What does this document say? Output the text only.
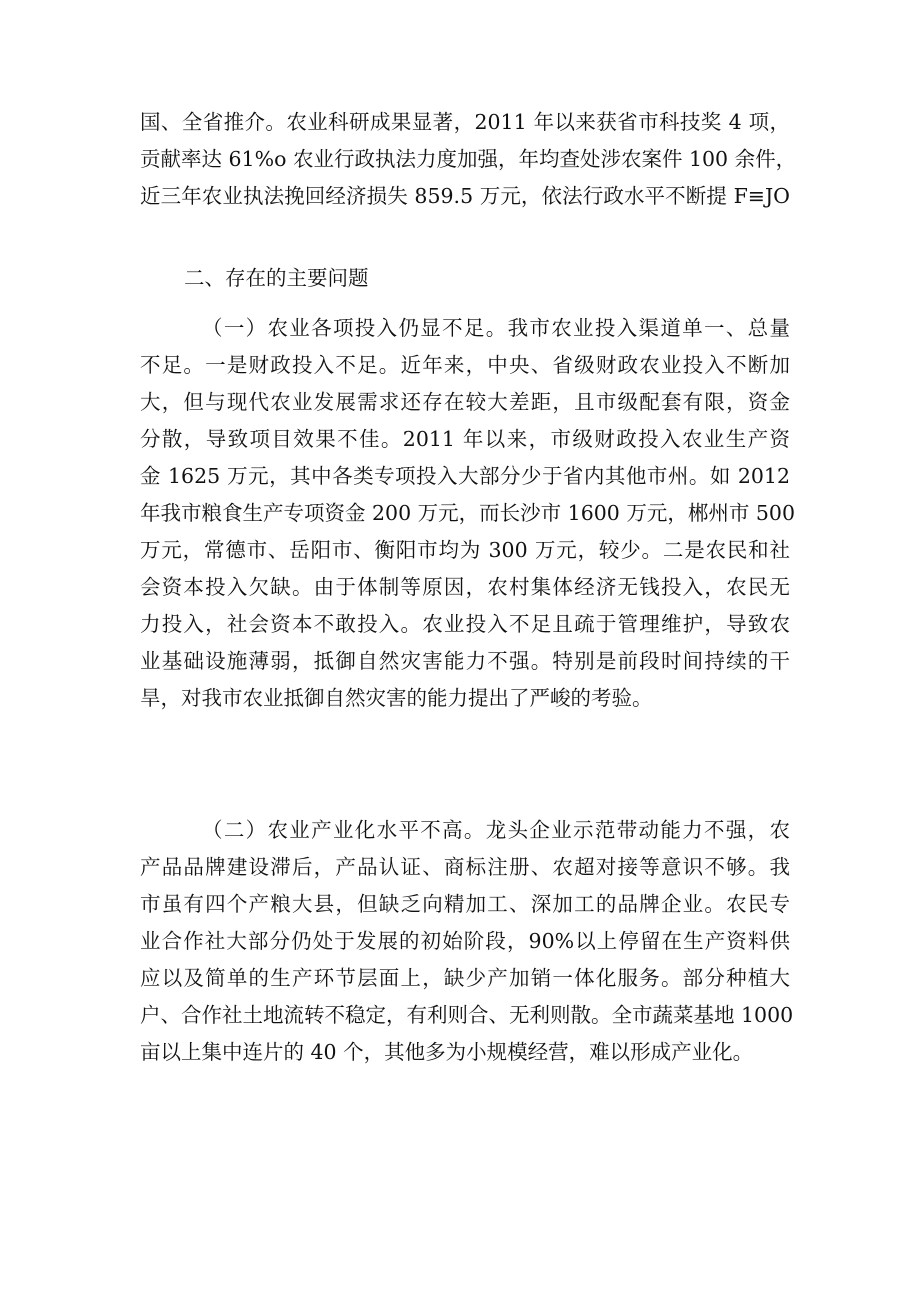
国、全省推介。农业科研成果显著，2011 年以来获省市科技奖 4 项，
贡献率达 61%o 农业行政执法力度加强，年均查处涉农案件 100 余件，
近三年农业执法挽回经济损失 859.5 万元，依法行政水平不断提 F≡JO
二、存在的主要问题
（一）农业各项投入仍显不足。我市农业投入渠道单一、总量
不足。一是财政投入不足。近年来，中央、省级财政农业投入不断加
大，但与现代农业发展需求还存在较大差距，且市级配套有限，资金
分散，导致项目效果不佳。2011 年以来，市级财政投入农业生产资
金 1625 万元，其中各类专项投入大部分少于省内其他市州。如 2012
年我市粮食生产专项资金 200 万元，而长沙市 1600 万元，郴州市 500
万元，常德市、岳阳市、衡阳市均为 300 万元，较少。二是农民和社
会资本投入欠缺。由于体制等原因，农村集体经济无钱投入，农民无
力投入，社会资本不敢投入。农业投入不足且疏于管理维护，导致农
业基础设施薄弱，抵御自然灾害能力不强。特别是前段时间持续的干
旱，对我市农业抵御自然灾害的能力提出了严峻的考验。
（二）农业产业化水平不高。龙头企业示范带动能力不强，农
产品品牌建设滞后，产品认证、商标注册、农超对接等意识不够。我
市虽有四个产粮大县，但缺乏向精加工、深加工的品牌企业。农民专
业合作社大部分仍处于发展的初始阶段，90%以上停留在生产资料供
应以及简单的生产环节层面上，缺少产加销一体化服务。部分种植大
户、合作社土地流转不稳定，有利则合、无利则散。全市蔬菜基地 1000
亩以上集中连片的 40 个，其他多为小规模经营，难以形成产业化。
